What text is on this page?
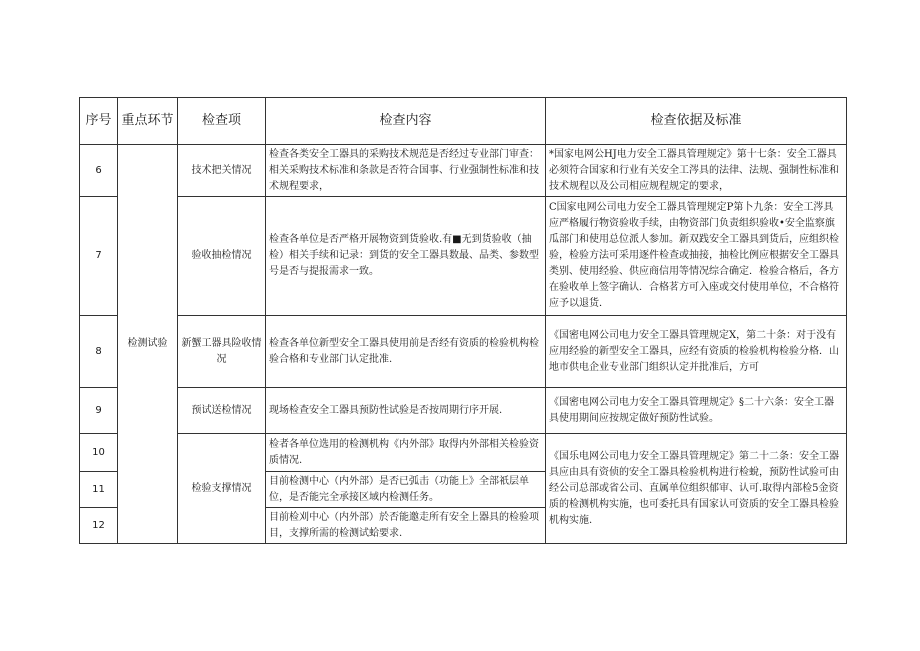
序号	重点环节	检查项	检查内容	检查依据及标准
6	检测试验	技术把关情况	检查各类安全工器具的采购技术规范是否经过专业部门审查：相关采购技术标准和条款是否符合国事、行业强制性标准和技术规程要求，	*国家电网公HJ电力安全工器具管理规定》第十七条：安全工器具必须符合国家和行业有关安全工涔具的法律、法规、强制性标准和技术规程以及公司相应规程规定的要求，
7		验收抽检情况	检查各单位是否严格开展物资到货验收.有■无到货验收（抽检）相关手续和记录：到货的安全工器具数最、品类、参数型号是否与提报需求一致。	C国家电网公司电力安全工器具管理规定P第卜九条：安全工涔具应严格履行物资验收手续，由物资部门负责组织验收•安全监察旗瓜部门和使用总位派人参加。新双践安全工器具到货后，应组织检验，检验方法可采用逐件检查或抽接，抽检比例应根据安全工器具类别、使用经验、供应商信用等情况综合确定．检验合格后，各方在验收单上签字确认．合格茗方可入座或交付使用单位，不合格符应予以退货．
8		新蟹工器具险收情况	检查各单位新型安全工器具使用前是否经有资质的检验机构检验合格和专业部门认定批准.	《国密电网公司电力安全工器具管理规定X，第二十条：对于没有应用经验的新型安全工器具，应经有资质的检验机构检验分格．山地市供电企业专业部门组织认定并批准后，方可
9		预试送检情况	现场检查安全工器具预防性试验是否按周期行序开展.	《国密电网公司电力安全工器具管理规定》§二十六条：安全工器具使用期间应按规定做好预防性试验。
10		检验支撑情况	检者各单位选用的检测机构《内外部》取得内外部相关检验资质情况.	《国乐电网公司电力安全工器具管理规定》第二十二条：安全工器具应由具有资侦的安全工器具检验机构进行检蛻，预防性试验可由经公司总部或省公司、直属单位组织郁审、认可.取得内部检5金资质的检测机构实施，也可委托具有国家认可资质的安全工器具检验机构实施.
11			目前检测中心（内外部）是否已弧击（功能上》全部祇层单位，是否能完全承接区域内检测任务。	
12			目前检刈中心（内外部）於否能邀走所有安全上器具的检验项目，支撑所需的检测试蛤要求.	
